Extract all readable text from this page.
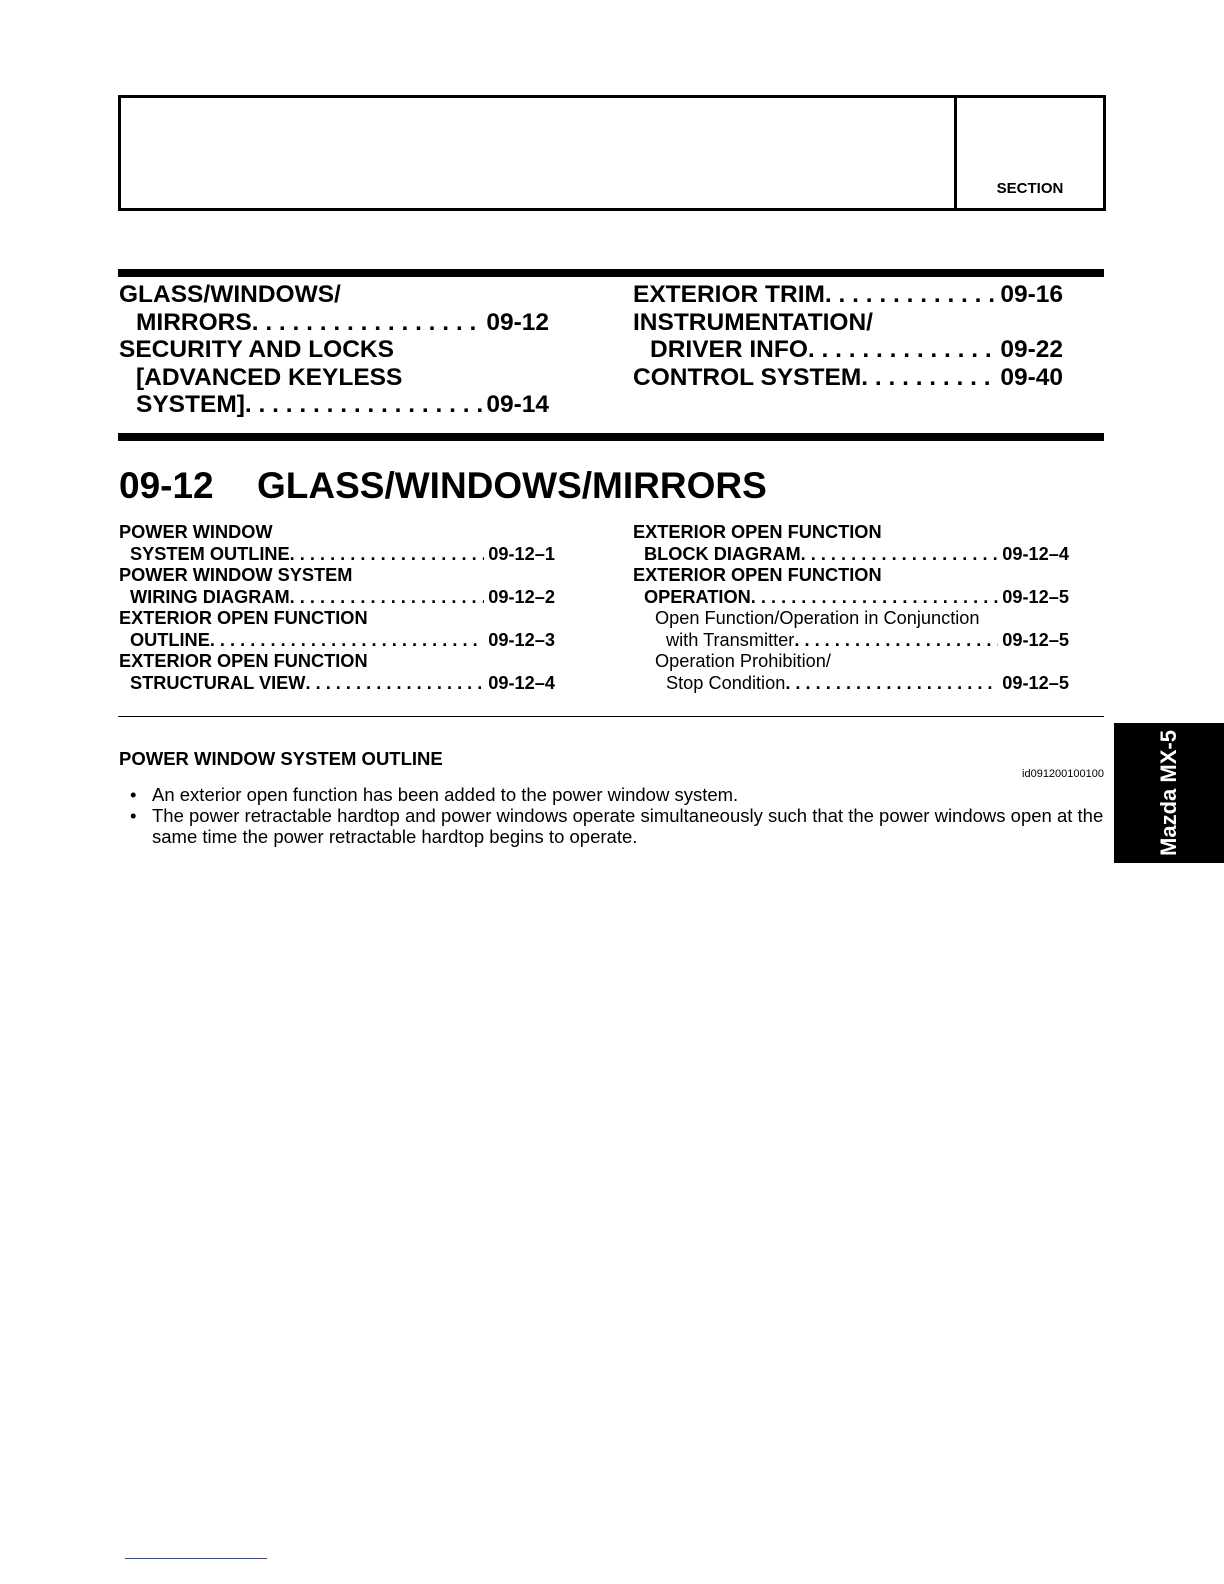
SECTION
GLASS/WINDOWS/
MIRRORS . . .	09-12
SECURITY AND LOCKS
[ADVANCED KEYLESS
SYSTEM] . . .	09-14
EXTERIOR TRIM . . .	09-16
INSTRUMENTATION/
DRIVER INFO . . .	09-22
CONTROL SYSTEM . . .	09-40
09-12 GLASS/WINDOWS/MIRRORS
POWER WINDOW
SYSTEM OUTLINE . . .	09-12–1
POWER WINDOW SYSTEM
WIRING DIAGRAM . . .	09-12–2
EXTERIOR OPEN FUNCTION
OUTLINE . . .	09-12–3
EXTERIOR OPEN FUNCTION
STRUCTURAL VIEW . . .	09-12–4
EXTERIOR OPEN FUNCTION
BLOCK DIAGRAM . . .	09-12–4
EXTERIOR OPEN FUNCTION
OPERATION . . .	09-12–5
Open Function/Operation in Conjunction
with Transmitter . . .	09-12–5
Operation Prohibition/
Stop Condition . . .	09-12–5
POWER WINDOW SYSTEM OUTLINE
id091200100100
• An exterior open function has been added to the power window system.
• The power retractable hardtop and power windows operate simultaneously such that the power windows open at the same time the power retractable hardtop begins to operate.	Mazda MX-5
